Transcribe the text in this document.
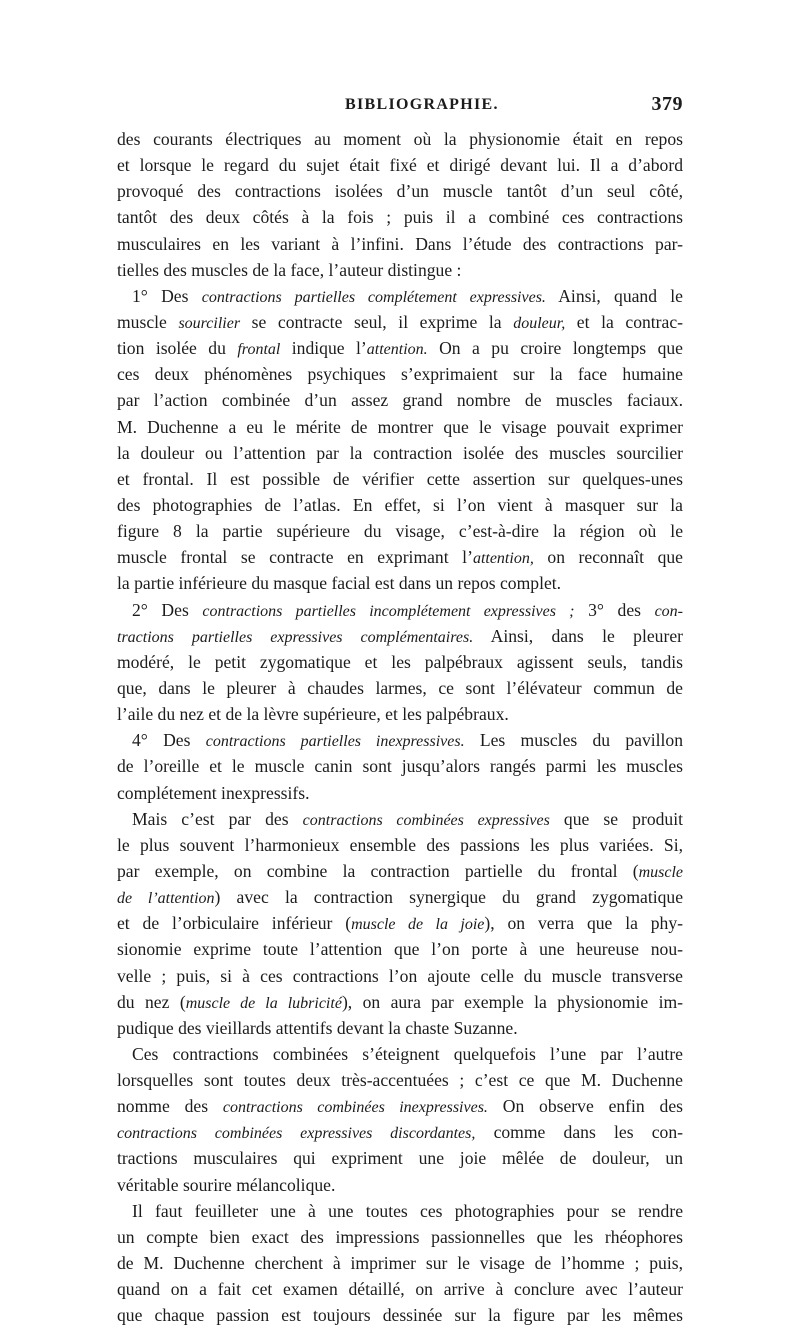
BIBLIOGRAPHIE.	379
des courants électriques au moment où la physionomie était en repos
et lorsque le regard du sujet était fixé et dirigé devant lui. Il a d’abord
provoqué des contractions isolées d’un muscle tantôt d’un seul côté,
tantôt des deux côtés à la fois ; puis il a combiné ces contractions
musculaires en les variant à l’infini. Dans l’étude des contractions par-
tielles des muscles de la face, l’auteur distingue :
1° Des contractions partielles complétement expressives. Ainsi, quand le
muscle sourcilier se contracte seul, il exprime la douleur, et la contrac-
tion isolée du frontal indique l’attention. On a pu croire longtemps que
ces deux phénomènes psychiques s’exprimaient sur la face humaine
par l’action combinée d’un assez grand nombre de muscles faciaux.
M. Duchenne a eu le mérite de montrer que le visage pouvait exprimer
la douleur ou l’attention par la contraction isolée des muscles sourcilier
et frontal. Il est possible de vérifier cette assertion sur quelques-unes
des photographies de l’atlas. En effet, si l’on vient à masquer sur la
figure 8 la partie supérieure du visage, c’est-à-dire la région où le
muscle frontal se contracte en exprimant l’attention, on reconnaît que
la partie inférieure du masque facial est dans un repos complet.
2° Des contractions partielles incomplétement expressives ; 3° des con-
tractions partielles expressives complémentaires. Ainsi, dans le pleurer
modéré, le petit zygomatique et les palpébraux agissent seuls, tandis
que, dans le pleurer à chaudes larmes, ce sont l’élévateur commun de
l’aile du nez et de la lèvre supérieure, et les palpébraux.
4° Des contractions partielles inexpressives. Les muscles du pavillon
de l’oreille et le muscle canin sont jusqu’alors rangés parmi les muscles
complétement inexpressifs.
Mais c’est par des contractions combinées expressives que se produit
le plus souvent l’harmonieux ensemble des passions les plus variées. Si,
par exemple, on combine la contraction partielle du frontal (muscle
de l’attention) avec la contraction synergique du grand zygomatique
et de l’orbiculaire inférieur (muscle de la joie), on verra que la phy-
sionomie exprime toute l’attention que l’on porte à une heureuse nou-
velle ; puis, si à ces contractions l’on ajoute celle du muscle transverse
du nez (muscle de la lubricité), on aura par exemple la physionomie im-
pudique des vieillards attentifs devant la chaste Suzanne.
Ces contractions combinées s’éteignent quelquefois l’une par l’autre
lorsquelles sont toutes deux très-accentuées ; c’est ce que M. Duchenne
nomme des contractions combinées inexpressives. On observe enfin des
contractions combinées expressives discordantes, comme dans les con-
tractions musculaires qui expriment une joie mêlée de douleur, un
véritable sourire mélancolique.
Il faut feuilleter une à une toutes ces photographies pour se rendre
un compte bien exact des impressions passionnelles que les rhéophores
de M. Duchenne cherchent à imprimer sur le visage de l’homme ; puis,
quand on a fait cet examen détaillé, on arrive à conclure avec l’auteur
que chaque passion est toujours dessinée sur la figure par les mêmes
